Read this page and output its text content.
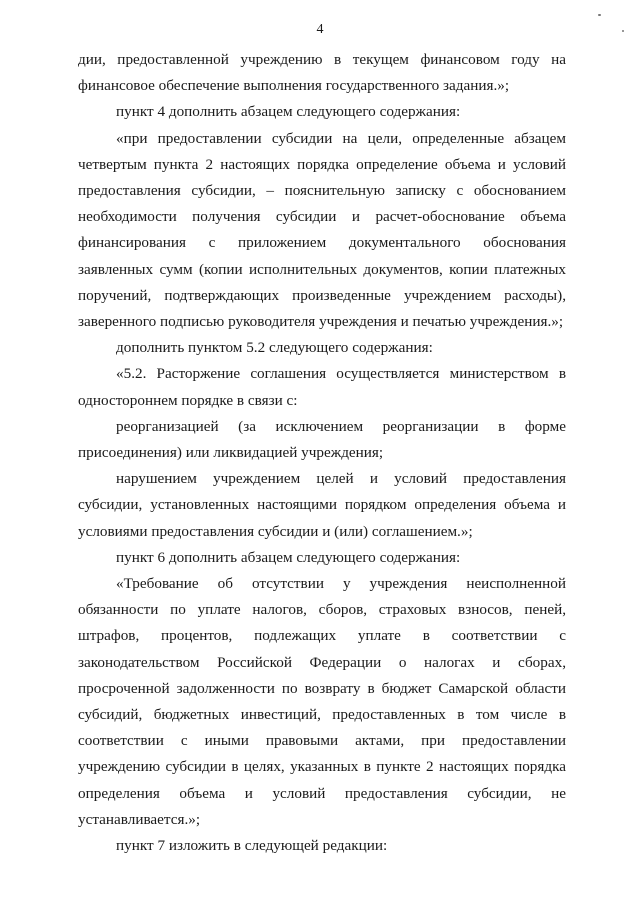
4

дии, предоставленной учреждению в текущем финансовом году на финансовое обеспечение выполнения государственного задания.»;

пункт 4 дополнить абзацем следующего содержания:

«при предоставлении субсидии на цели, определенные абзацем четвертым пункта 2 настоящих порядка определение объема и условий предоставления субсидии, – пояснительную записку с обоснованием необходимости получения субсидии и расчет-обоснование объема финансирования с приложением документального обоснования заявленных сумм (копии исполнительных документов, копии платежных поручений, подтверждающих произведенные учреждением расходы), заверенного подписью руководителя учреждения и печатью учреждения.»;

дополнить пунктом 5.2 следующего содержания:

«5.2. Расторжение соглашения осуществляется министерством в одностороннем порядке в связи с:

реорганизацией (за исключением реорганизации в форме присоединения) или ликвидацией учреждения;

нарушением учреждением целей и условий предоставления субсидии, установленных настоящими порядком определения объема и условиями предоставления субсидии и (или) соглашением.»;

пункт 6 дополнить абзацем следующего содержания:

«Требование об отсутствии у учреждения неисполненной обязанности по уплате налогов, сборов, страховых взносов, пеней, штрафов, процентов, подлежащих уплате в соответствии с законодательством Российской Федерации о налогах и сборах, просроченной задолженности по возврату в бюджет Самарской области субсидий, бюджетных инвестиций, предоставленных в том числе в соответствии с иными правовыми актами, при предоставлении учреждению субсидии в целях, указанных в пункте 2 настоящих порядка определения объема и условий предоставления субсидии, не устанавливается.»;

пункт 7 изложить в следующей редакции:
